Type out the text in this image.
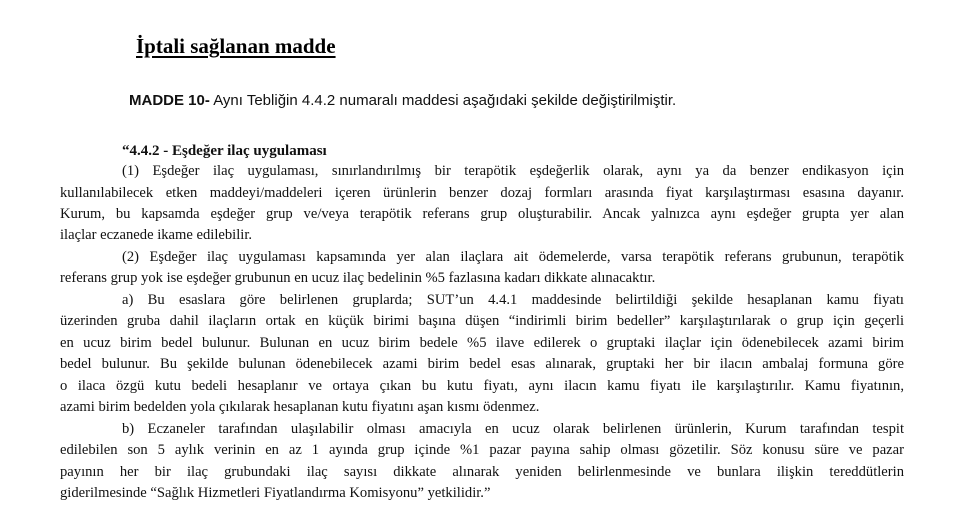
İptali sağlanan madde
MADDE 10- Aynı Tebliğin 4.4.2 numaralı maddesi aşağıdaki şekilde değiştirilmiştir.
“4.4.2 - Eşdeğer ilaç uygulaması
(1) Eşdeğer ilaç uygulaması, sınırlandırılmış bir terapötik eşdeğerlik olarak, aynı ya da benzer endikasyon için
kullanılabilecek etken maddeyi/maddeleri içeren ürünlerin benzer dozaj formları arasında fiyat karşılaştırması esasına dayanır.
Kurum, bu kapsamda eşdeğer grup ve/veya terapötik referans grup oluşturabilir. Ancak yalnızca aynı eşdeğer grupta yer alan
ilaçlar eczanede ikame edilebilir.
(2) Eşdeğer ilaç uygulaması kapsamında yer alan ilaçlara ait ödemelerde, varsa terapötik referans grubunun, terapötik
referans grup yok ise eşdeğer grubunun en ucuz ilaç bedelinin %5 fazlasına kadarı dikkate alınacaktır.
a) Bu esaslara göre belirlenen gruplarda; SUT’un 4.4.1 maddesinde belirtildiği şekilde hesaplanan kamu fiyatı
üzerinden gruba dahil ilaçların ortak en küçük birimi başına düşen “indirimli birim bedeller” karşılaştırılarak o grup için geçerli
en ucuz birim bedel bulunur. Bulunan en ucuz birim bedele %5 ilave edilerek o gruptaki ilaçlar için ödenebilecek azami birim
bedel bulunur. Bu şekilde bulunan ödenebilecek azami birim bedel esas alınarak, gruptaki her bir ilacın ambalaj formuna göre
o ilaca özgü kutu bedeli hesaplanır ve ortaya çıkan bu kutu fiyatı, aynı ilacın kamu fiyatı ile karşılaştırılır. Kamu fiyatının,
azami birim bedelden yola çıkılarak hesaplanan kutu fiyatını aşan kısmı ödenmez.
b) Eczaneler tarafından ulaşılabilir olması amacıyla en ucuz olarak belirlenen ürünlerin, Kurum tarafından tespit
edilebilen son 5 aylık verinin en az 1 ayında grup içinde %1 pazar payına sahip olması gözetilir. Söz konusu süre ve pazar
payının her bir ilaç grubundaki ilaç sayısı dikkate alınarak yeniden belirlenmesinde ve bunlara ilişkin tereddütlerin
giderilmesinde “Sağlık Hizmetleri Fiyatlandırma Komisyonu” yetkilidir.”
